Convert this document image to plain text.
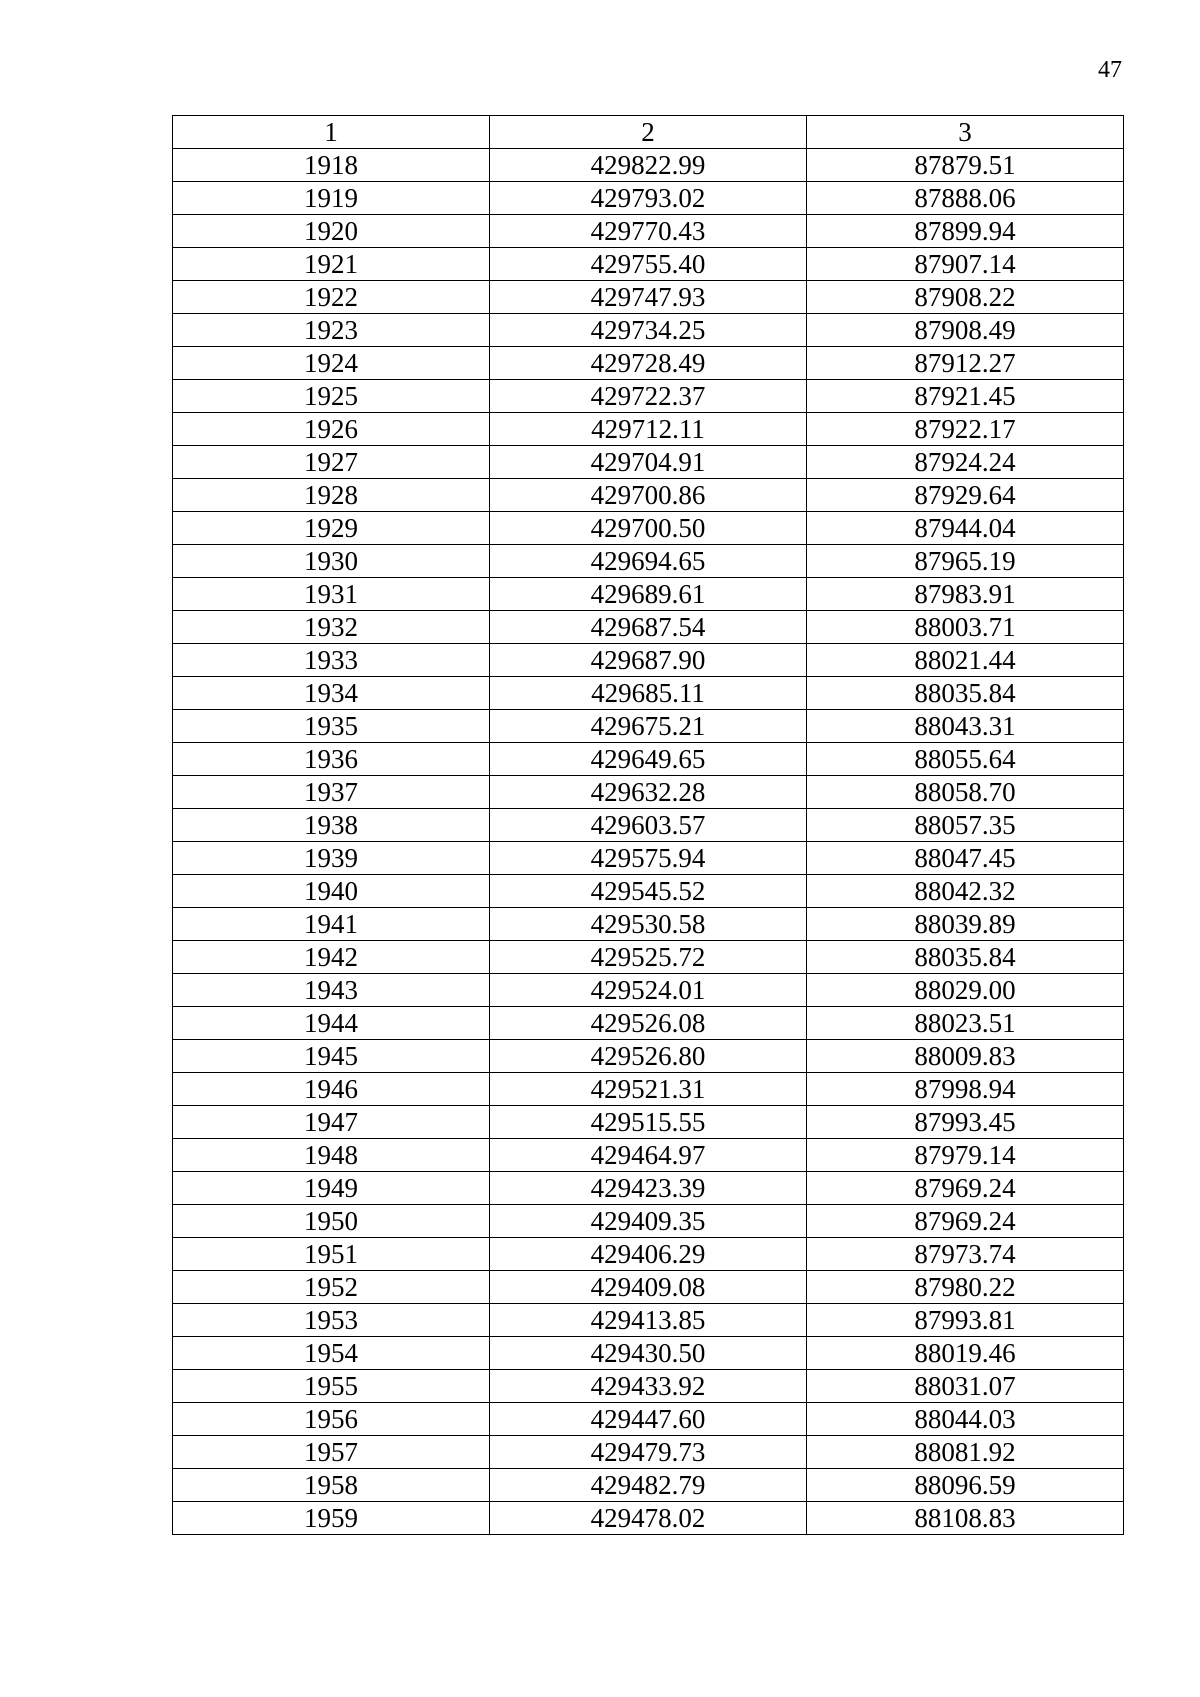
47
1	2	3
1918	429822.99	87879.51
1919	429793.02	87888.06
1920	429770.43	87899.94
1921	429755.40	87907.14
1922	429747.93	87908.22
1923	429734.25	87908.49
1924	429728.49	87912.27
1925	429722.37	87921.45
1926	429712.11	87922.17
1927	429704.91	87924.24
1928	429700.86	87929.64
1929	429700.50	87944.04
1930	429694.65	87965.19
1931	429689.61	87983.91
1932	429687.54	88003.71
1933	429687.90	88021.44
1934	429685.11	88035.84
1935	429675.21	88043.31
1936	429649.65	88055.64
1937	429632.28	88058.70
1938	429603.57	88057.35
1939	429575.94	88047.45
1940	429545.52	88042.32
1941	429530.58	88039.89
1942	429525.72	88035.84
1943	429524.01	88029.00
1944	429526.08	88023.51
1945	429526.80	88009.83
1946	429521.31	87998.94
1947	429515.55	87993.45
1948	429464.97	87979.14
1949	429423.39	87969.24
1950	429409.35	87969.24
1951	429406.29	87973.74
1952	429409.08	87980.22
1953	429413.85	87993.81
1954	429430.50	88019.46
1955	429433.92	88031.07
1956	429447.60	88044.03
1957	429479.73	88081.92
1958	429482.79	88096.59
1959	429478.02	88108.83
